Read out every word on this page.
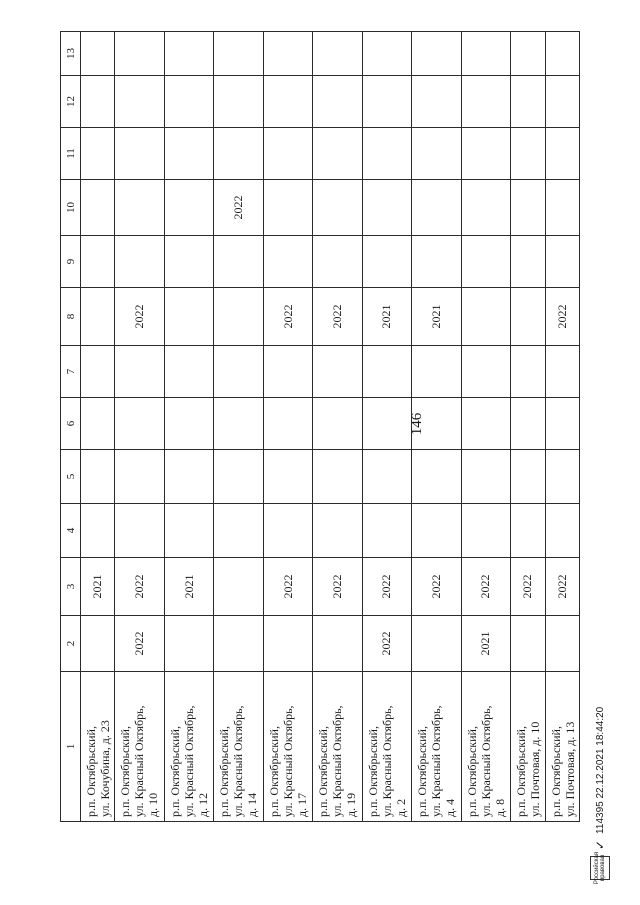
146
1	2	3	4	5	6	7	8	9	10	11	12	13

р.п. Октябрьский, ул. Кочубина, д. 23		2021										

р.п. Октябрьский, ул. Красный Октябрь, д. 10	2022	2022					2022					

р.п. Октябрьский, ул. Красный Октябрь, д. 12		2021										

р.п. Октябрьский, ул. Красный Октябрь, д. 14									2022			

р.п. Октябрьский, ул. Красный Октябрь, д. 17		2022					2022					

р.п. Октябрьский, ул. Красный Октябрь, д. 19		2022					2022					

р.п. Октябрьский, ул. Красный Октябрь, д. 2	2022	2022					2021					

р.п. Октябрьский, ул. Красный Октябрь, д. 4		2022					2021					

р.п. Октябрьский, ул. Красный Октябрь, д. 8	2021	2022										

р.п. Октябрьский, ул. Почтовая, д. 10		2022										

р.п. Октябрьский, ул. Почтовая, д. 13		2022					2022					
Российская правовая
✓
114395 22.12.2021 18:44:20
